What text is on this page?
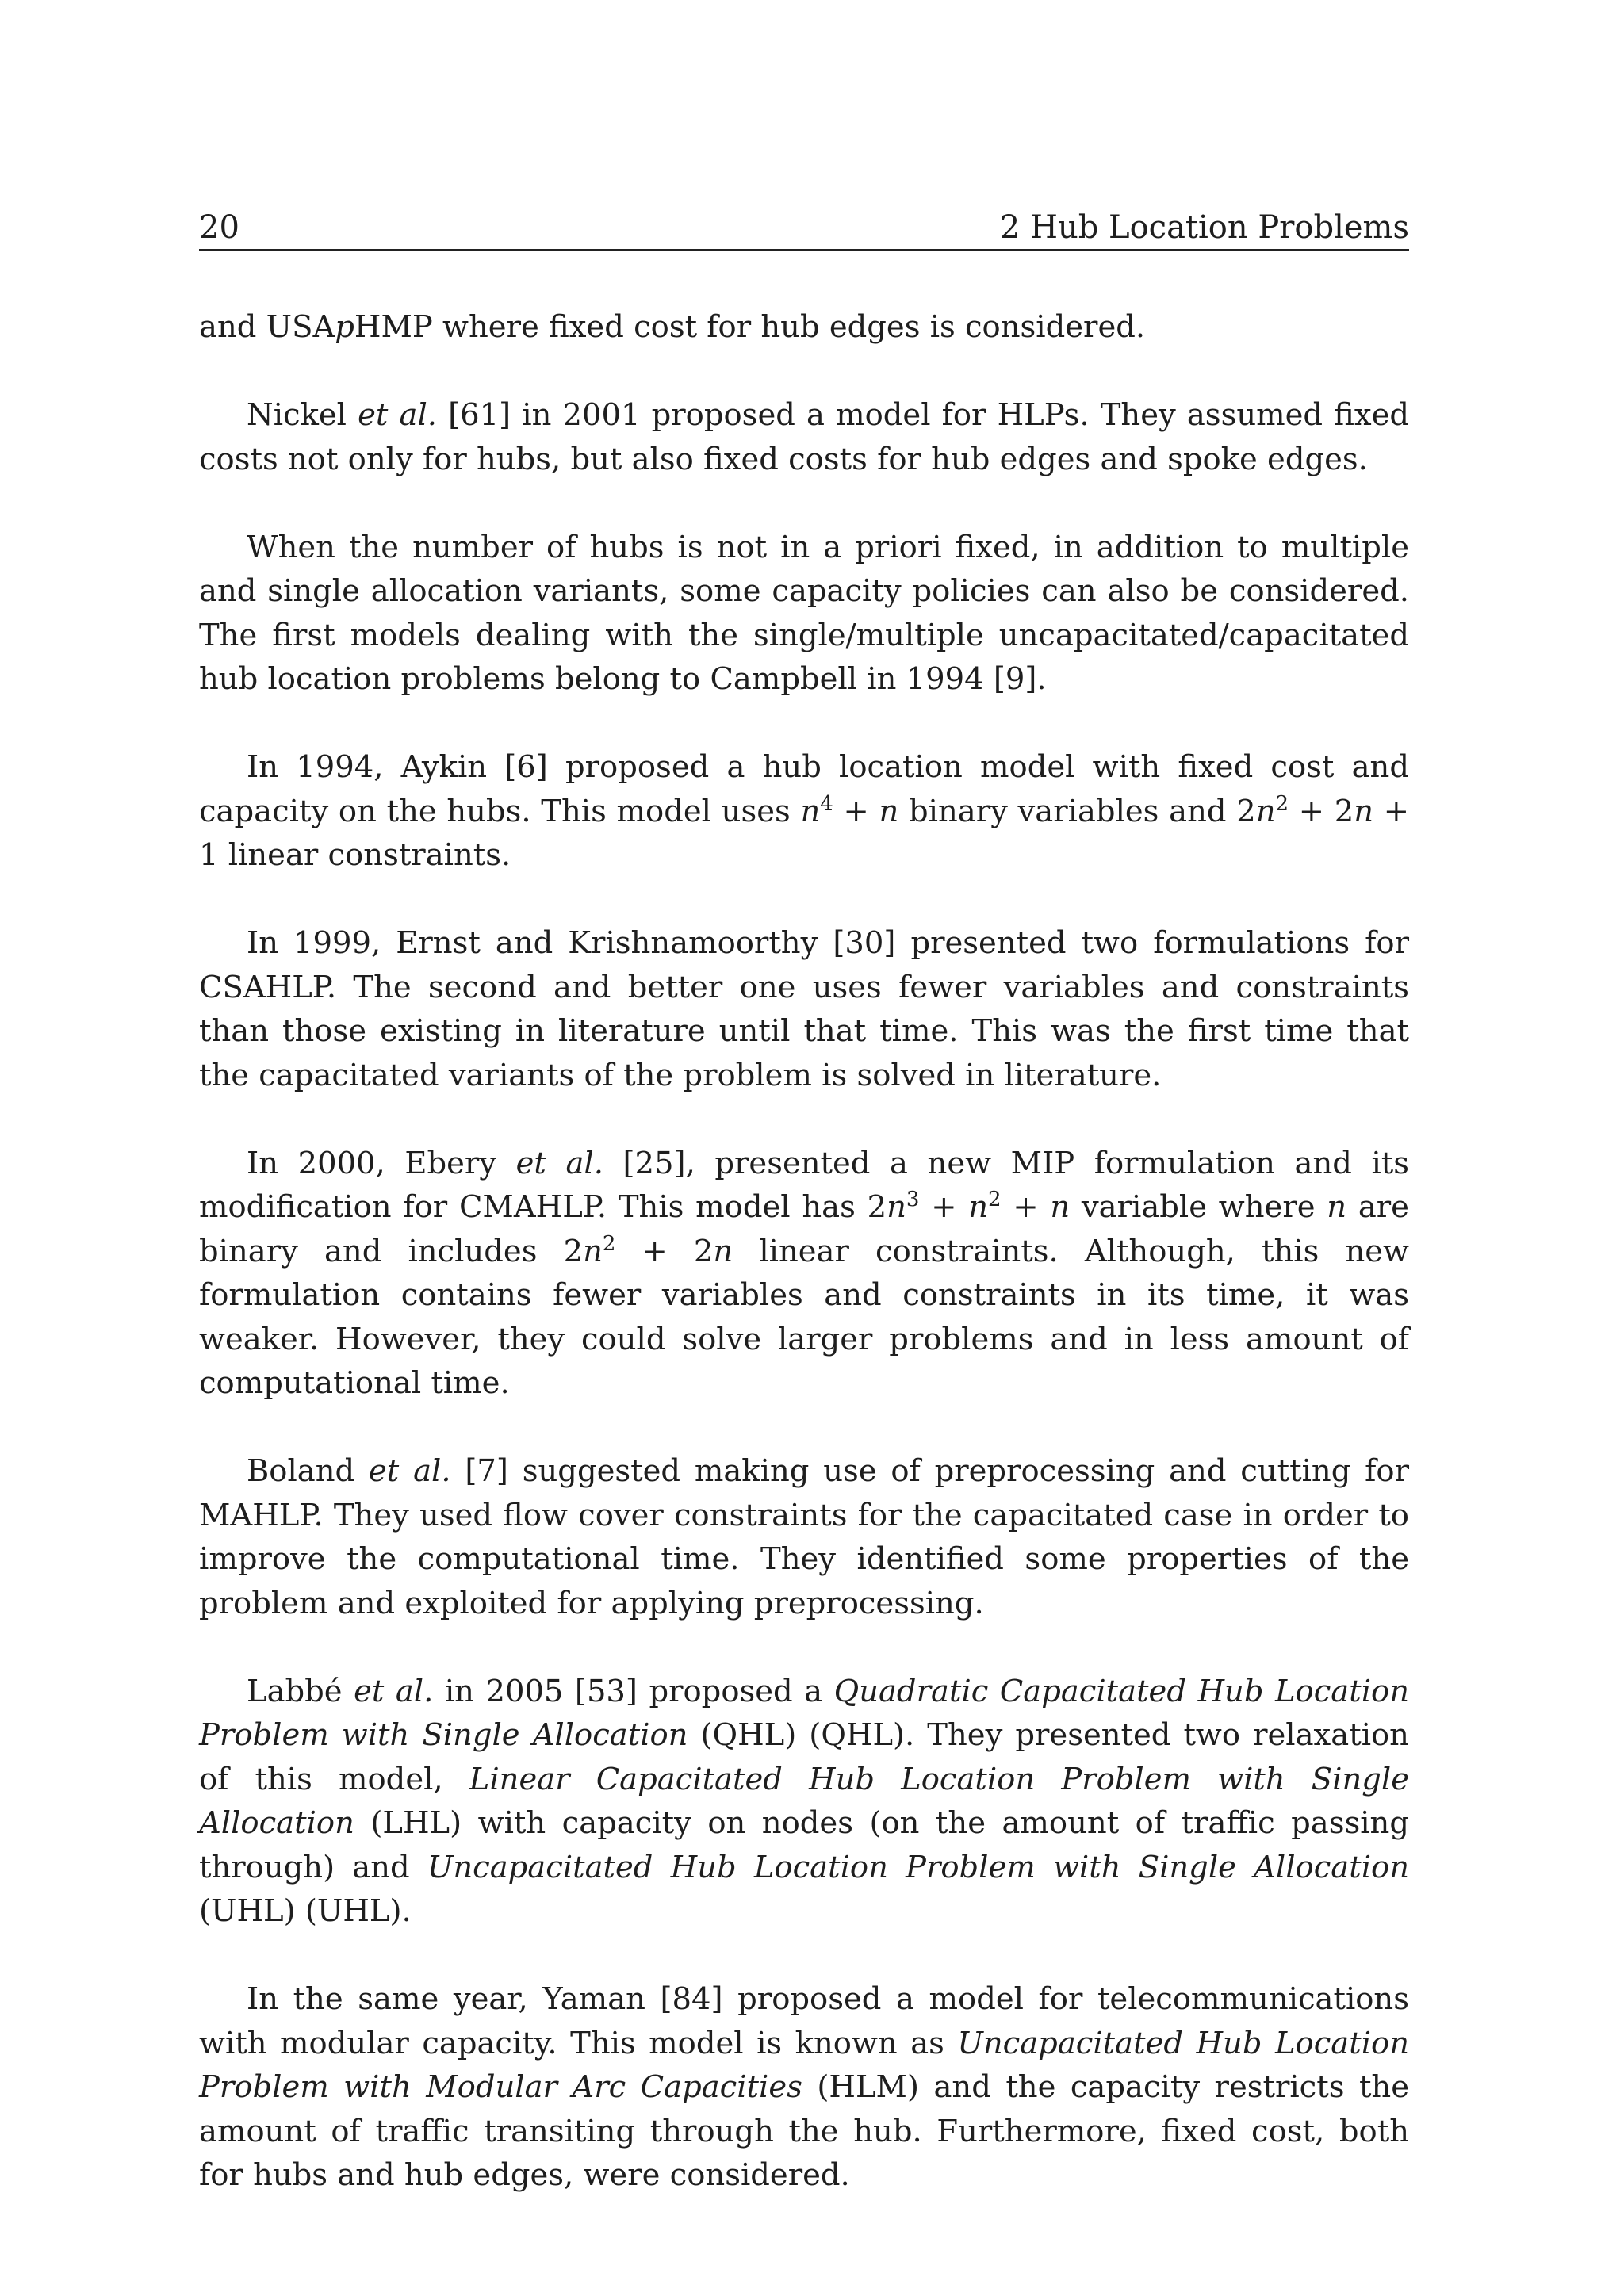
20	2 Hub Location Problems

and USApHMP where fixed cost for hub edges is considered.

Nickel et al. [61] in 2001 proposed a model for HLPs. They assumed fixed costs not only for hubs, but also fixed costs for hub edges and spoke edges.

When the number of hubs is not in a priori fixed, in addition to multiple and single allocation variants, some capacity policies can also be considered. The first models dealing with the single/multiple uncapacitated/capacitated hub location problems belong to Campbell in 1994 [9].

In 1994, Aykin [6] proposed a hub location model with fixed cost and capacity on the hubs. This model uses $n^4 + n$ binary variables and $2n^2 + 2n + 1$ linear constraints.

In 1999, Ernst and Krishnamoorthy [30] presented two formulations for CSAHLP. The second and better one uses fewer variables and constraints than those existing in literature until that time. This was the first time that the capacitated variants of the problem is solved in literature.

In 2000, Ebery et al. [25], presented a new MIP formulation and its modification for CMAHLP. This model has $2n^3 + n^2 + n$ variable where n are binary and includes $2n^2 + 2n$ linear constraints. Although, this new formulation contains fewer variables and constraints in its time, it was weaker. However, they could solve larger problems and in less amount of computational time.

Boland et al. [7] suggested making use of preprocessing and cutting for MAHLP. They used flow cover constraints for the capacitated case in order to improve the computational time. They identified some properties of the problem and exploited for applying preprocessing.

Labbé et al. in 2005 [53] proposed a Quadratic Capacitated Hub Location Problem with Single Allocation (QHL) (QHL). They presented two relaxation of this model, Linear Capacitated Hub Location Problem with Single Allocation (LHL) with capacity on nodes (on the amount of traffic passing through) and Uncapacitated Hub Location Problem with Single Allocation (UHL) (UHL).

In the same year, Yaman [84] proposed a model for telecommunications with modular capacity. This model is known as Uncapacitated Hub Location Problem with Modular Arc Capacities (HLM) and the capacity restricts the amount of traffic transiting through the hub. Furthermore, fixed cost, both for hubs and hub edges, were considered.
